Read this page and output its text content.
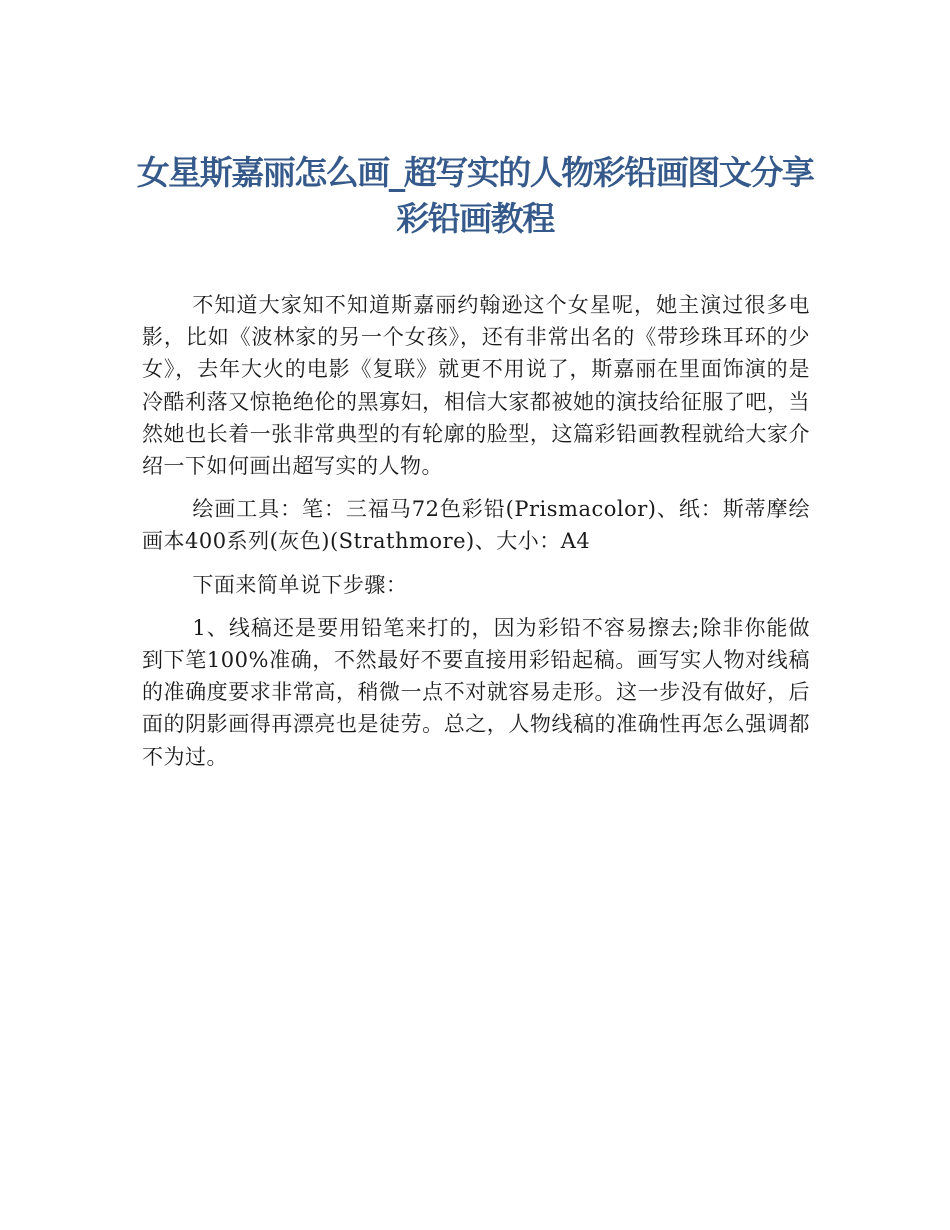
女星斯嘉丽怎么画_超写实的人物彩铅画图文分享彩铅画教程

不知道大家知不知道斯嘉丽约翰逊这个女星呢，她主演过很多电影，比如《波林家的另一个女孩》，还有非常出名的《带珍珠耳环的少女》，去年大火的电影《复联》就更不用说了，斯嘉丽在里面饰演的是冷酷利落又惊艳绝伦的黑寡妇，相信大家都被她的演技给征服了吧，当然她也长着一张非常典型的有轮廓的脸型，这篇彩铅画教程就给大家介绍一下如何画出超写实的人物。

绘画工具：笔：三福马72色彩铅(Prismacolor)、纸：斯蒂摩绘画本400系列(灰色)(Strathmore)、大小：A4

下面来简单说下步骤：

1、线稿还是要用铅笔来打的，因为彩铅不容易擦去;除非你能做到下笔100%准确，不然最好不要直接用彩铅起稿。画写实人物对线稿的准确度要求非常高，稍微一点不对就容易走形。这一步没有做好，后面的阴影画得再漂亮也是徒劳。总之，人物线稿的准确性再怎么强调都不为过。
